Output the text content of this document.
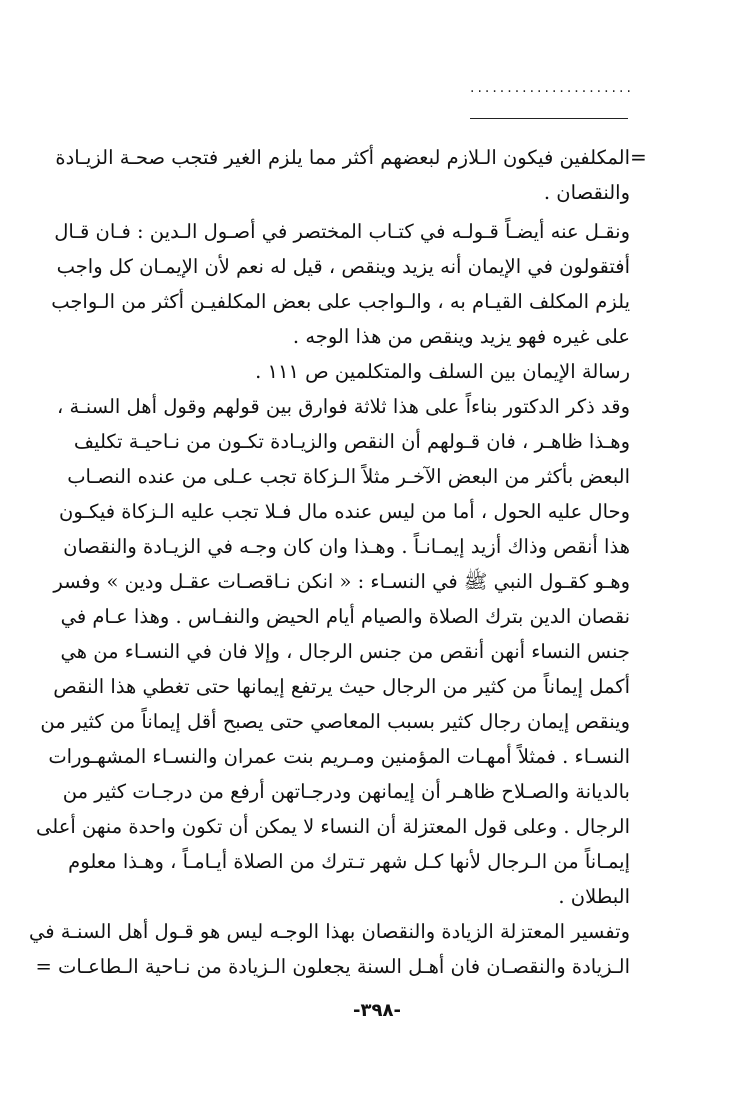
......................
=
المكلفين فيكون الـلازم لبعضهم أكثر مما يلزم الغير فتجب صحـة الزيـادة
والنقصان .
ونقـل عنه أيضـاً قـولـه في كتـاب المختصر في أصـول الـدين : فـان قـال
أفتقولون في الإيمان أنه يزيد وينقص ، قيل له نعم لأن الإيمـان كل واجب
يلزم المكلف القيـام به ، والـواجب على بعض المكلفيـن أكثر من الـواجب
على غيره فهو يزيد وينقص من هذا الوجه .
رسالة الإيمان بين السلف والمتكلمين ص ١١١ .
وقد ذكر الدكتور بناءاً على هذا ثلاثة فوارق بين قولهم وقول أهل السنـة ،
وهـذا ظاهـر ، فان قـولهم أن النقص والزيـادة تكـون من نـاحيـة تكليف
البعض بأكثر من البعض الآخـر مثلاً الـزكاة تجب عـلى من عنده النصـاب
وحال عليه الحول ، أما من ليس عنده مال فـلا تجب عليه الـزكاة فيكـون
هذا أنقص وذاك أزيد إيمـانـاً . وهـذا وان كان وجـه في الزيـادة والنقصان
وهـو كقـول النبي ﷺ في النسـاء : « انكن نـاقصـات عقـل ودين » وفسر
نقصان الدين بترك الصلاة والصيام أيام الحيض والنفـاس . وهذا عـام في
جنس النساء أنهن أنقص من جنس الرجال ، وإلا فان في النسـاء من هي
أكمل إيماناً من كثير من الرجال حيث يرتفع إيمانها حتى تغطي هذا النقص
وينقص إيمان رجال كثير بسبب المعاصي حتى يصبح أقل إيماناً من كثير من
النسـاء . فمثلاً أمهـات المؤمنين ومـريم بنت عمران والنسـاء المشهـورات
بالديانة والصـلاح ظاهـر أن إيمانهن ودرجـاتهن أرفع من درجـات كثير من
الرجال . وعلى قول المعتزلة أن النساء لا يمكن أن تكون واحدة منهن أعلى
إيمـاناً من الـرجال لأنها كـل شهر تـترك من الصلاة أيـامـاً ، وهـذا معلوم
البطلان .
وتفسير المعتزلة الزيادة والنقصان بهذا الوجـه ليس هو قـول أهل السنـة في
الـزيادة والنقصـان فان أهـل السنة يجعلون الـزيادة من نـاحية الـطاعـات =
-٣٩٨-
